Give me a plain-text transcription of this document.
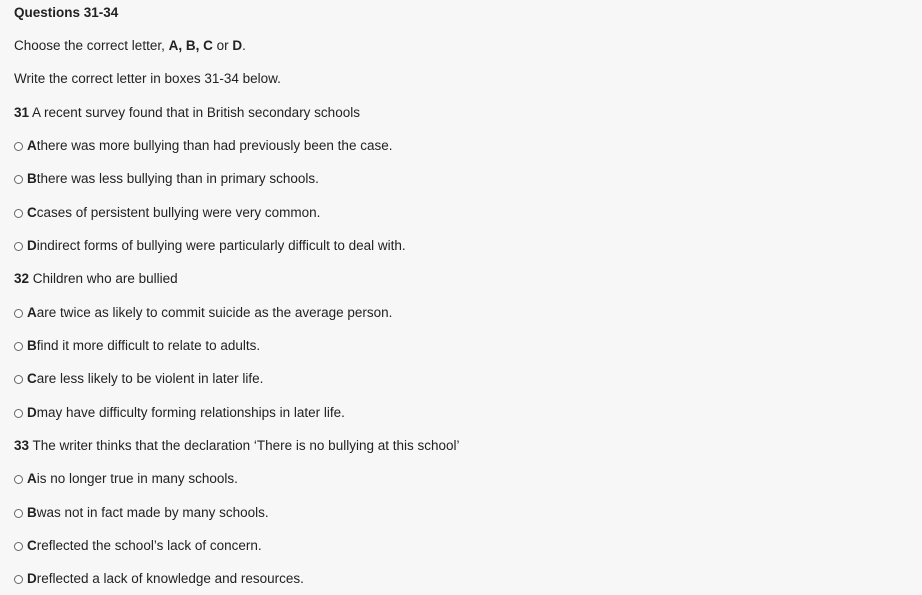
Questions 31-34
Choose the correct letter, A, B, C or D.
Write the correct letter in boxes 31-34 below.
31 A recent survey found that in British secondary schools
A there was more bullying than had previously been the case.
B there was less bullying than in primary schools.
C cases of persistent bullying were very common.
D indirect forms of bullying were particularly difficult to deal with.
32 Children who are bullied
A are twice as likely to commit suicide as the average person.
B find it more difficult to relate to adults.
C are less likely to be violent in later life.
D may have difficulty forming relationships in later life.
33 The writer thinks that the declaration ‘There is no bullying at this school’
A is no longer true in many schools.
B was not in fact made by many schools.
C reflected the school’s lack of concern.
D reflected a lack of knowledge and resources.
